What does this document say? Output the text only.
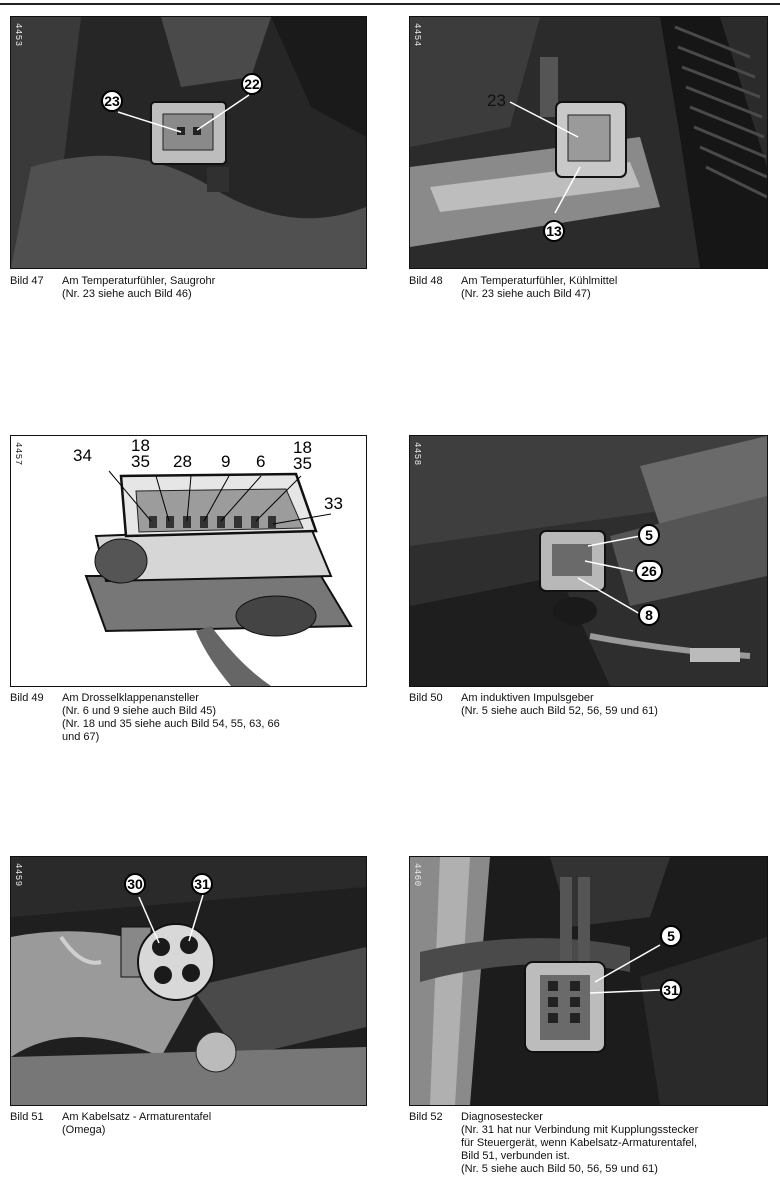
4453
23
22
Bild 47 Am Temperaturfühler, Saugrohr
(Nr. 23 siehe auch Bild 46)
4454
23
13
Bild 48 Am Temperaturfühler, Kühlmittel
(Nr. 23 siehe auch Bild 47)
4457	34
18
35 28 9 6
18
35
33
Bild 49 Am Drosselklappenansteller
(Nr. 6 und 9 siehe auch Bild 45)
(Nr. 18 und 35 siehe auch Bild 54, 55, 63, 66
und 67)
4458
5
26
8
Bild 50 Am induktiven Impulsgeber
(Nr. 5 siehe auch Bild 52, 56, 59 und 61)
4459	30	31
Bild 51 Am Kabelsatz - Armaturentafel
(Omega)
4460
5
31
Bild 52 Diagnosestecker
(Nr. 31 hat nur Verbindung mit Kupplungsstecker
für Steuergerät, wenn Kabelsatz-Armaturentafel,
Bild 51, verbunden ist.
(Nr. 5 siehe auch Bild 50, 56, 59 und 61)
